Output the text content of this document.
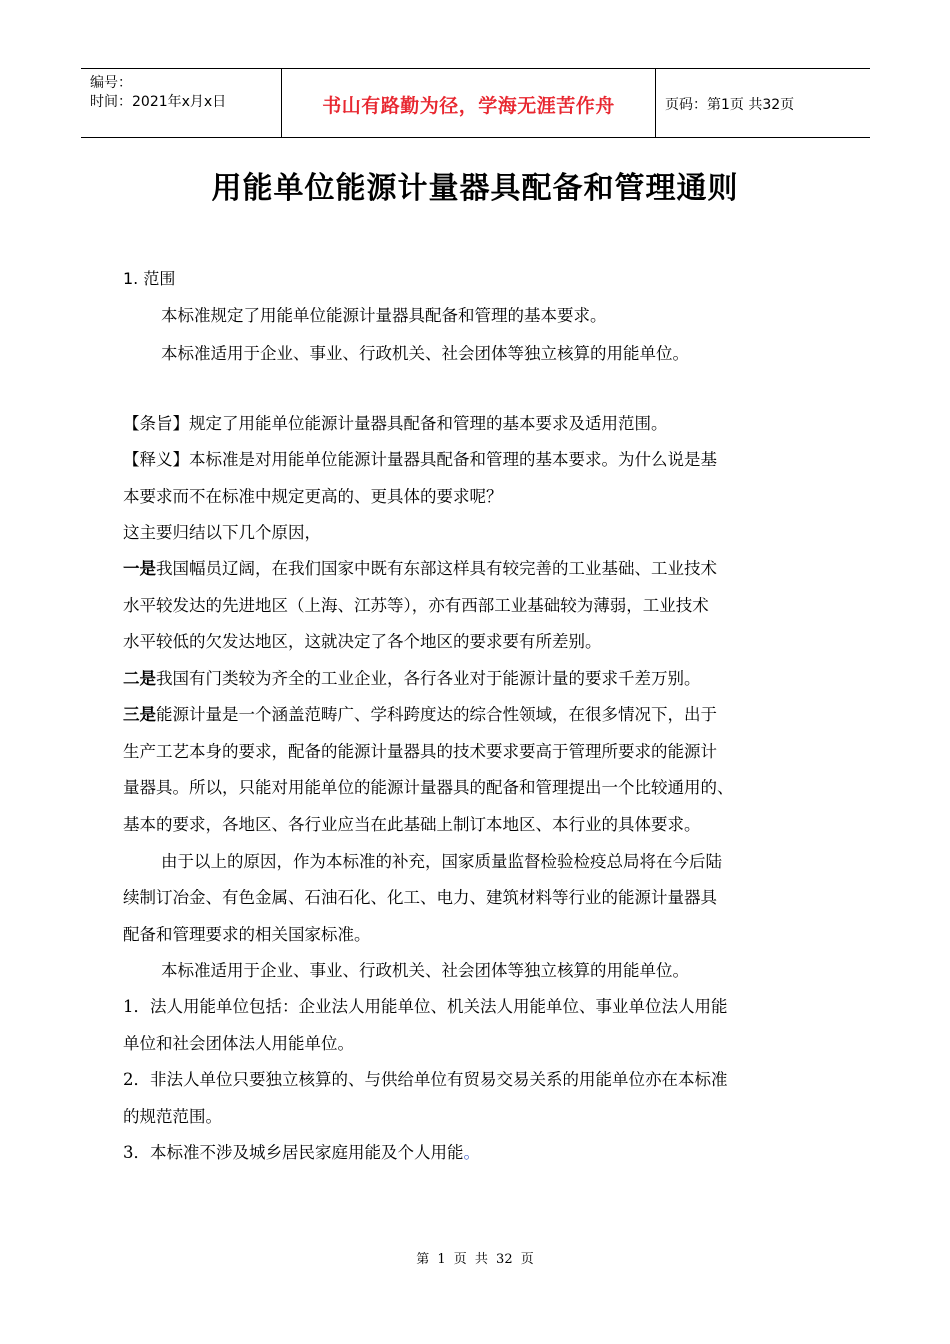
编号：
时间：2021年x月x日	书山有路勤为径，学海无涯苦作舟	页码：第1页 共32页
用能单位能源计量器具配备和管理通则
1. 范围
本标准规定了用能单位能源计量器具配备和管理的基本要求。
本标准适用于企业、事业、行政机关、社会团体等独立核算的用能单位。
【条旨】规定了用能单位能源计量器具配备和管理的基本要求及适用范围。
【释义】本标准是对用能单位能源计量器具配备和管理的基本要求。为什么说是基
本要求而不在标准中规定更高的、更具体的要求呢？
这主要归结以下几个原因，
一是我国幅员辽阔，在我们国家中既有东部这样具有较完善的工业基础、工业技术
水平较发达的先进地区（上海、江苏等），亦有西部工业基础较为薄弱，工业技术
水平较低的欠发达地区，这就决定了各个地区的要求要有所差别。
二是我国有门类较为齐全的工业企业，各行各业对于能源计量的要求千差万别。
三是能源计量是一个涵盖范畴广、学科跨度达的综合性领域，在很多情况下，出于
生产工艺本身的要求，配备的能源计量器具的技术要求要高于管理所要求的能源计
量器具。所以，只能对用能单位的能源计量器具的配备和管理提出一个比较通用的、
基本的要求，各地区、各行业应当在此基础上制订本地区、本行业的具体要求。
由于以上的原因，作为本标准的补充，国家质量监督检验检疫总局将在今后陆
续制订冶金、有色金属、石油石化、化工、电力、建筑材料等行业的能源计量器具
配备和管理要求的相关国家标准。
本标准适用于企业、事业、行政机关、社会团体等独立核算的用能单位。
1．法人用能单位包括：企业法人用能单位、机关法人用能单位、事业单位法人用能
单位和社会团体法人用能单位。
2．非法人单位只要独立核算的、与供给单位有贸易交易关系的用能单位亦在本标准
的规范范围。
3．本标准不涉及城乡居民家庭用能及个人用能。
第 1 页 共 32 页
